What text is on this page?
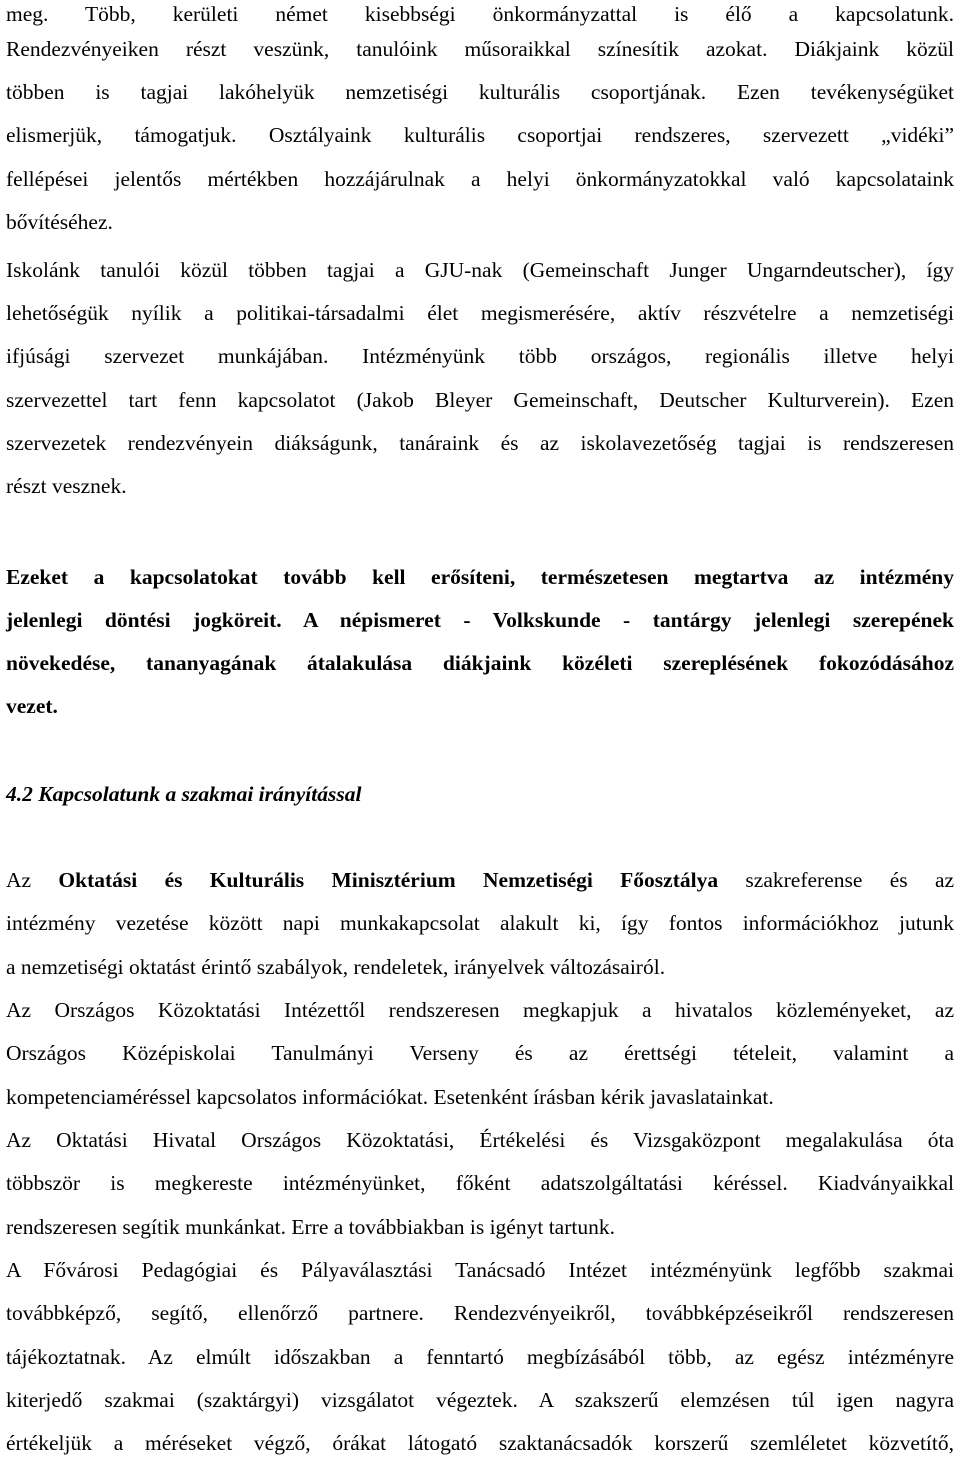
meg. Több, kerületi német kisebbségi önkormányzattal is élő a kapcsolatunk.
Rendezvényeiken részt veszünk, tanulóink műsoraikkal színesítik azokat. Diákjaink közül
többen is tagjai lakóhelyük nemzetiségi kulturális csoportjának. Ezen tevékenységüket
elismerjük, támogatjuk. Osztályaink kulturális csoportjai rendszeres, szervezett „vidéki”
fellépései jelentős mértékben hozzájárulnak a helyi önkormányzatokkal való kapcsolataink
bővítéséhez.
Iskolánk tanulói közül többen tagjai a GJU-nak (Gemeinschaft Junger Ungarndeutscher), így
lehetőségük nyílik a politikai-társadalmi élet megismerésére, aktív részvételre a nemzetiségi
ifjúsági szervezet munkájában. Intézményünk több országos, regionális illetve helyi
szervezettel tart fenn kapcsolatot (Jakob Bleyer Gemeinschaft, Deutscher Kulturverein). Ezen
szervezetek rendezvényein diákságunk, tanáraink és az iskolavezetőség tagjai is rendszeresen
részt vesznek.
Ezeket a kapcsolatokat tovább kell erősíteni, természetesen megtartva az intézmény
jelenlegi döntési jogköreit. A népismeret - Volkskunde - tantárgy jelenlegi szerepének
növekedése, tananyagának átalakulása diákjaink közéleti szereplésének fokozódásához
vezet.
4.2 Kapcsolatunk a szakmai irányítással
Az Oktatási és Kulturális Minisztérium Nemzetiségi Főosztálya szakreferense és az
intézmény vezetése között napi munkakapcsolat alakult ki, így fontos információkhoz jutunk
a nemzetiségi oktatást érintő szabályok, rendeletek, irányelvek változásairól.
Az Országos Közoktatási Intézettől rendszeresen megkapjuk a hivatalos közleményeket, az
Országos Középiskolai Tanulmányi Verseny és az érettségi tételeit, valamint a
kompetenciaméréssel kapcsolatos információkat. Esetenként írásban kérik javaslatainkat.
Az Oktatási Hivatal Országos Közoktatási, Értékelési és Vizsgaközpont megalakulása óta
többször is megkereste intézményünket, főként adatszolgáltatási kéréssel. Kiadványaikkal
rendszeresen segítik munkánkat. Erre a továbbiakban is igényt tartunk.
A Fővárosi Pedagógiai és Pályaválasztási Tanácsadó Intézet intézményünk legfőbb szakmai
továbbképző, segítő, ellenőrző partnere. Rendezvényeikről, továbbképzéseikről rendszeresen
tájékoztatnak. Az elmúlt időszakban a fenntartó megbízásából több, az egész intézményre
kiterjedő szakmai (szaktárgyi) vizsgálatot végeztek. A szakszerű elemzésen túl igen nagyra
értékeljük a méréseket végző, órákat látogató szaktanácsadók korszerű szemléletet közvetítő,
